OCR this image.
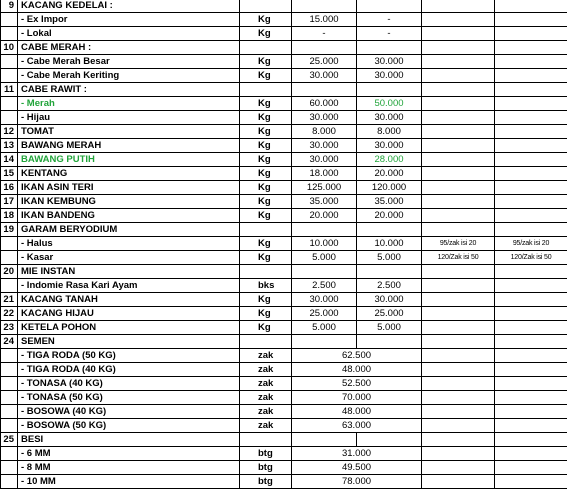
9	KACANG KEDELAI :					
	- Ex Impor	Kg	15.000	-		
	- Lokal	Kg	-	-		
10	CABE MERAH :					
	- Cabe Merah Besar	Kg	25.000	30.000		
	- Cabe Merah Keriting	Kg	30.000	30.000		
11	CABE RAWIT :					
	- Merah	Kg	60.000	50.000		
	- Hijau	Kg	30.000	30.000		
12	TOMAT	Kg	8.000	8.000		
13	BAWANG MERAH	Kg	30.000	30.000		
14	BAWANG PUTIH	Kg	30.000	28.000		
15	KENTANG	Kg	18.000	20.000		
16	IKAN ASIN TERI	Kg	125.000	120.000		
17	IKAN KEMBUNG	Kg	35.000	35.000		
18	IKAN BANDENG	Kg	20.000	20.000		
19	GARAM BERYODIUM					
	- Halus	Kg	10.000	10.000	95/zak isi 20	95/zak isi 20
	- Kasar	Kg	5.000	5.000	120/Zak isi 50	120/Zak isi 50
20	MIE INSTAN					
	- Indomie Rasa Kari Ayam	bks	2.500	2.500		
21	KACANG TANAH	Kg	30.000	30.000		
22	KACANG HIJAU	Kg	25.000	25.000		
23	KETELA POHON	Kg	5.000	5.000		
24	SEMEN					
	- TIGA RODA (50 KG)	zak	62.500			
	- TIGA RODA (40 KG)	zak	48.000			
	- TONASA (40 KG)	zak	52.500			
	- TONASA (50 KG)	zak	70.000			
	- BOSOWA (40 KG)	zak	48.000			
	- BOSOWA (50 KG)	zak	63.000			
25	BESI					
	- 6 MM	btg	31.000			
	- 8 MM	btg	49.500			
	- 10 MM	btg	78.000			
